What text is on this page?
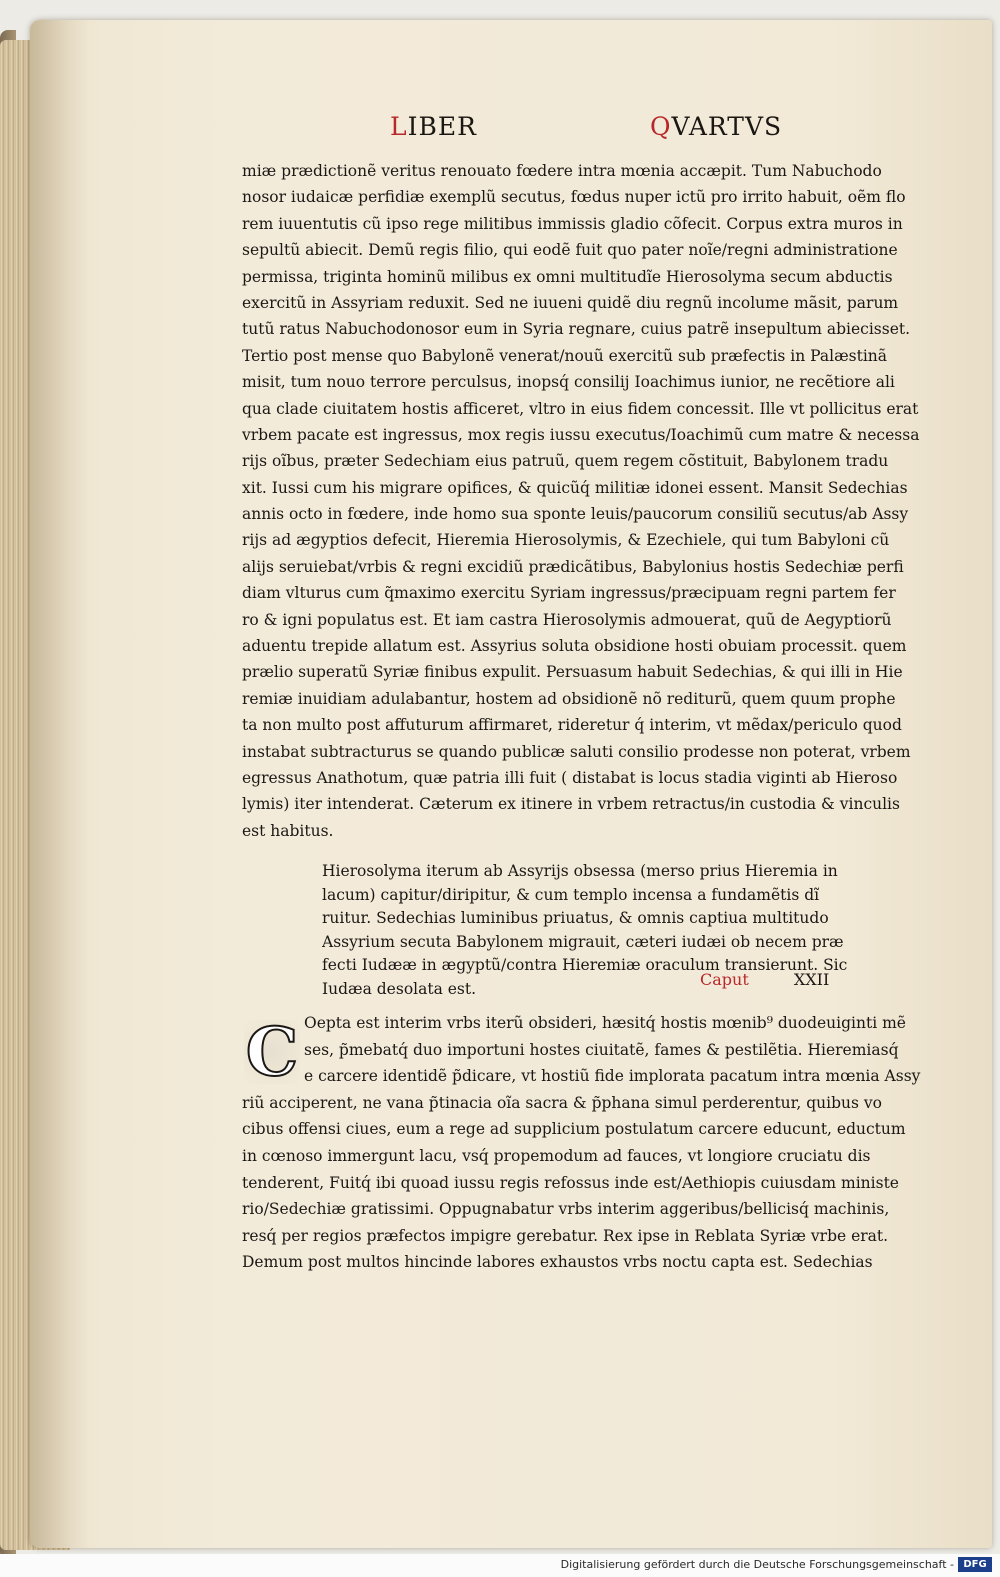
LIBER	QVARTVS
miæ prædictionẽ veritus renouato fœdere intra mœnia accæpit. Tum Nabuchodo
nosor iudaicæ perfidiæ exemplũ secutus, fœdus nuper ictũ pro irrito habuit, oẽm flo
rem iuuentutis cũ ipso rege militibus immissis gladio cõfecit. Corpus extra muros in
sepultũ abiecit. Demũ regis filio, qui eodẽ fuit quo pater noĩe/regni administratione
permissa, triginta hominũ milibus ex omni multitudĩe Hierosolyma secum abductis
exercitũ in Assyriam reduxit. Sed ne iuueni quidẽ diu regnũ incolume mãsit, parum
tutũ ratus Nabuchodonosor eum in Syria regnare, cuius patrẽ insepultum abiecisset.
Tertio post mense quo Babylonẽ venerat/nouũ exercitũ sub præfectis in Palæstinã
misit, tum nouo terrore perculsus, inopsq́ consilij Ioachimus iunior, ne recẽtiore ali
qua clade ciuitatem hostis afficeret, vltro in eius fidem concessit. Ille vt pollicitus erat
vrbem pacate est ingressus, mox regis iussu executus/Ioachimũ cum matre & necessa
rijs oĩbus, præter Sedechiam eius patruũ, quem regem cõstituit, Babylonem tradu
xit. Iussi cum his migrare opifices, & quicũq́ militiæ idonei essent. Mansit Sedechias
annis octo in fœdere, inde homo sua sponte leuis/paucorum consiliũ secutus/ab Assy
rijs ad ægyptios defecit, Hieremia Hierosolymis, & Ezechiele, qui tum Babyloni cũ
alijs seruiebat/vrbis & regni excidiũ prædicãtibus, Babylonius hostis Sedechiæ perfi
diam vlturus cum q̃maximo exercitu Syriam ingressus/præcipuam regni partem fer
ro & igni populatus est. Et iam castra Hierosolymis admouerat, quũ de Aegyptiorũ
aduentu trepide allatum est. Assyrius soluta obsidione hosti obuiam processit. quem
prælio superatũ Syriæ finibus expulit. Persuasum habuit Sedechias, & qui illi in Hie
remiæ inuidiam adulabantur, hostem ad obsidionẽ nõ rediturũ, quem quum prophe
ta non multo post affuturum affirmaret, rideretur q́ interim, vt mẽdax/periculo quod
instabat subtracturus se quando publicæ saluti consilio prodesse non poterat, vrbem
egressus Anathotum, quæ patria illi fuit ( distabat is locus stadia viginti ab Hieroso
lymis) iter intenderat. Cæterum ex itinere in vrbem retractus/in custodia & vinculis
est habitus.
Hierosolyma iterum ab Assyrijs obsessa (merso prius Hieremia in
lacum) capitur/diripitur, & cum templo incensa a fundamẽtis dĩ
ruitur. Sedechias luminibus priuatus, & omnis captiua multitudo
Assyrium secuta Babylonem migrauit, cæteri iudæi ob necem præ
fecti Iudææ in ægyptũ/contra Hieremiæ oraculum transierunt. Sic
Iudæa desolata est.	Caput	XXII
C Oepta est interim vrbs iterũ obsideri, hæsitq́ hostis mœnib⁹ duodeuiginti mẽ
ses, p̃mebatq́ duo importuni hostes ciuitatẽ, fames & pestilẽtia. Hieremiasq́
e carcere identidẽ p̃dicare, vt hostiũ fide implorata pacatum intra mœnia Assy
riũ acciperent, ne vana p̃tinacia oĩa sacra & p̃phana simul perderentur, quibus vo
cibus offensi ciues, eum a rege ad supplicium postulatum carcere educunt, eductum
in cœnoso immergunt lacu, vsq́ propemodum ad fauces, vt longiore cruciatu dis
tenderent, Fuitq́ ibi quoad iussu regis refossus inde est/Aethiopis cuiusdam ministe
rio/Sedechiæ gratissimi. Oppugnabatur vrbs interim aggeribus/bellicisq́ machinis,
resq́ per regios præfectos impigre gerebatur. Rex ipse in Reblata Syriæ vrbe erat.
Demum post multos hincinde labores exhaustos vrbs noctu capta est. Sedechias
Digitalisierung gefördert durch die Deutsche Forschungsgemeinschaft - DFG
